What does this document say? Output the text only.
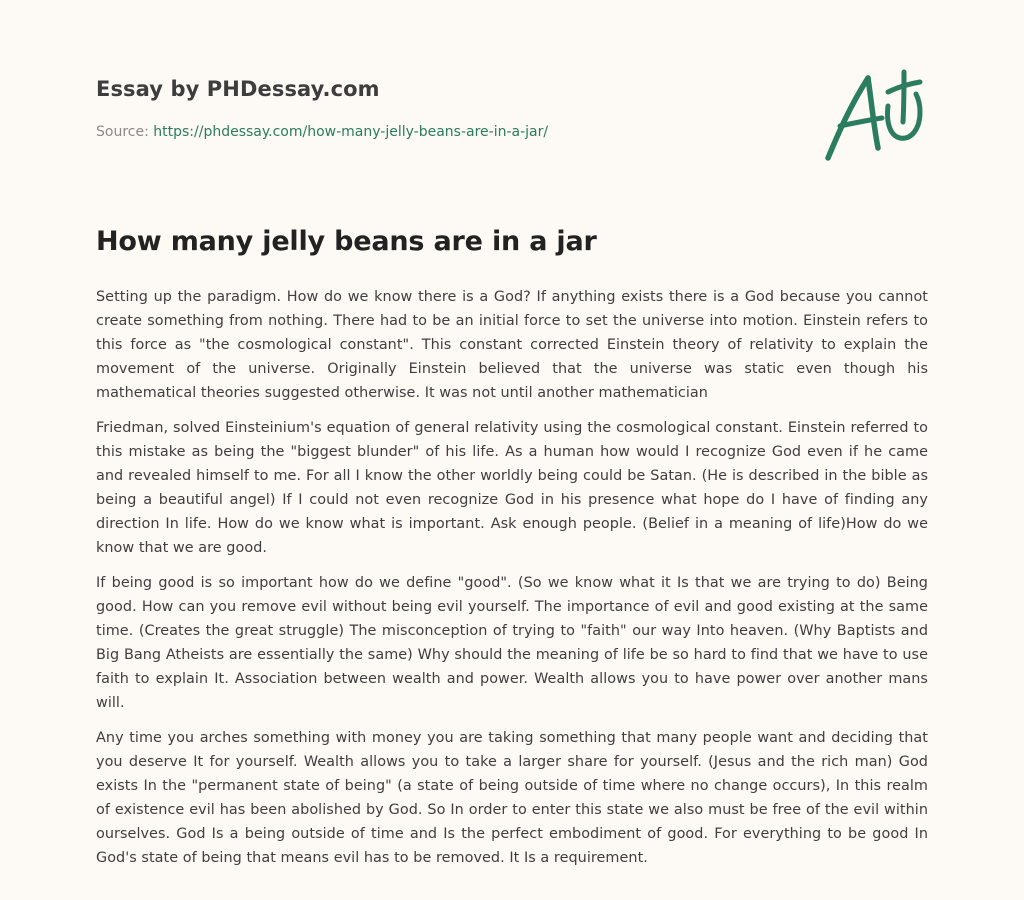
Essay by PHDessay.com
Source: https://phdessay.com/how-many-jelly-beans-are-in-a-jar/
How many jelly beans are in a jar

Setting up the paradigm. How do we know there is a God? If anything exists there is a God because you cannot create something from nothing. There had to be an initial force to set the universe into motion. Einstein refers to this force as "the cosmological constant". This constant corrected Einstein theory of relativity to explain the movement of the universe. Originally Einstein believed that the universe was static even though his mathematical theories suggested otherwise. It was not until another mathematician

Friedman, solved Einsteinium's equation of general relativity using the cosmological constant. Einstein referred to this mistake as being the "biggest blunder" of his life. As a human how would I recognize God even if he came and revealed himself to me. For all I know the other worldly being could be Satan. (He is described in the bible as being a beautiful angel) If I could not even recognize God in his presence what hope do I have of finding any direction In life. How do we know what is important. Ask enough people. (Belief in a meaning of life)How do we know that we are good.

If being good is so important how do we define "good". (So we know what it Is that we are trying to do) Being good. How can you remove evil without being evil yourself. The importance of evil and good existing at the same time. (Creates the great struggle) The misconception of trying to "faith" our way Into heaven. (Why Baptists and Big Bang Atheists are essentially the same) Why should the meaning of life be so hard to find that we have to use faith to explain It. Association between wealth and power. Wealth allows you to have power over another mans will.

Any time you arches something with money you are taking something that many people want and deciding that you deserve It for yourself. Wealth allows you to take a larger share for yourself. (Jesus and the rich man) God exists In the "permanent state of being" (a state of being outside of time where no change occurs), In this realm of existence evil has been abolished by God. So In order to enter this state we also must be free of the evil within ourselves. God Is a being outside of time and Is the perfect embodiment of good. For everything to be good In God's state of being that means evil has to be removed. It Is a requirement.
